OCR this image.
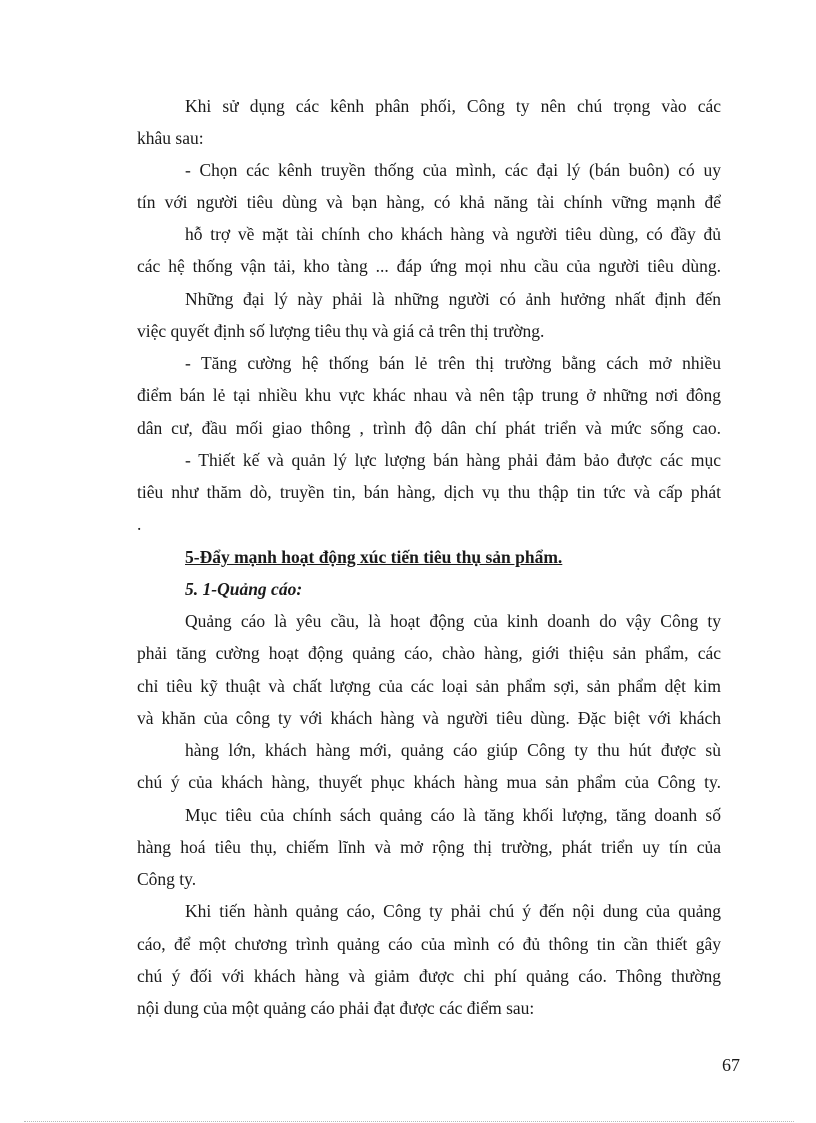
Khi sử dụng các kênh phân phối, Công ty nên chú trọng vào các
khâu sau:
- Chọn các kênh truyền thống của mình, các đại lý (bán buôn) có uy
tín với người tiêu dùng và bạn hàng, có khả năng tài chính vững mạnh để
hỗ trợ về mặt tài chính cho khách hàng và người tiêu dùng, có đầy đủ
các hệ thống vận tải, kho tàng ... đáp ứng mọi nhu cầu của người tiêu dùng.
Những đại lý này phải là những người có ảnh hưởng nhất định đến
việc quyết định số lượng tiêu thụ và giá cả trên thị trường.
- Tăng cường hệ thống bán lẻ trên thị trường bằng cách mở nhiều
điểm bán lẻ tại nhiều khu vực khác nhau và nên tập trung ở những nơi đông
dân cư, đầu mối giao thông , trình độ dân chí phát triển và mức sống cao.
- Thiết kế và quản lý lực lượng bán hàng phải đảm bảo được các mục
tiêu như thăm dò, truyền tin, bán hàng, dịch vụ thu thập tin tức và cấp phát
.
5-Đẩy mạnh hoạt động xúc tiến tiêu thụ sản phẩm.
5. 1-Quảng cáo:
Quảng cáo là yêu cầu, là hoạt động của kinh doanh do vậy Công ty
phải tăng cường hoạt động quảng cáo, chào hàng, giới thiệu sản phẩm, các
chỉ tiêu kỹ thuật và chất lượng của các loại sản phẩm sợi, sản phẩm dệt kim
và khăn của công ty với khách hàng và người tiêu dùng. Đặc biệt với khách
hàng lớn, khách hàng mới, quảng cáo giúp Công ty thu hút được sù
chú ý của khách hàng, thuyết phục khách hàng mua sản phẩm của Công ty.
Mục tiêu của chính sách quảng cáo là tăng khối lượng, tăng doanh số
hàng hoá tiêu thụ, chiếm lĩnh và mở rộng thị trường, phát triển uy tín của
Công ty.
Khi tiến hành quảng cáo, Công ty phải chú ý đến nội dung của quảng
cáo, để một chương trình quảng cáo của mình có đủ thông tin cần thiết gây
chú ý đối với khách hàng và giảm được chi phí quảng cáo. Thông thường
nội dung của một quảng cáo phải đạt được các điểm sau:
67
